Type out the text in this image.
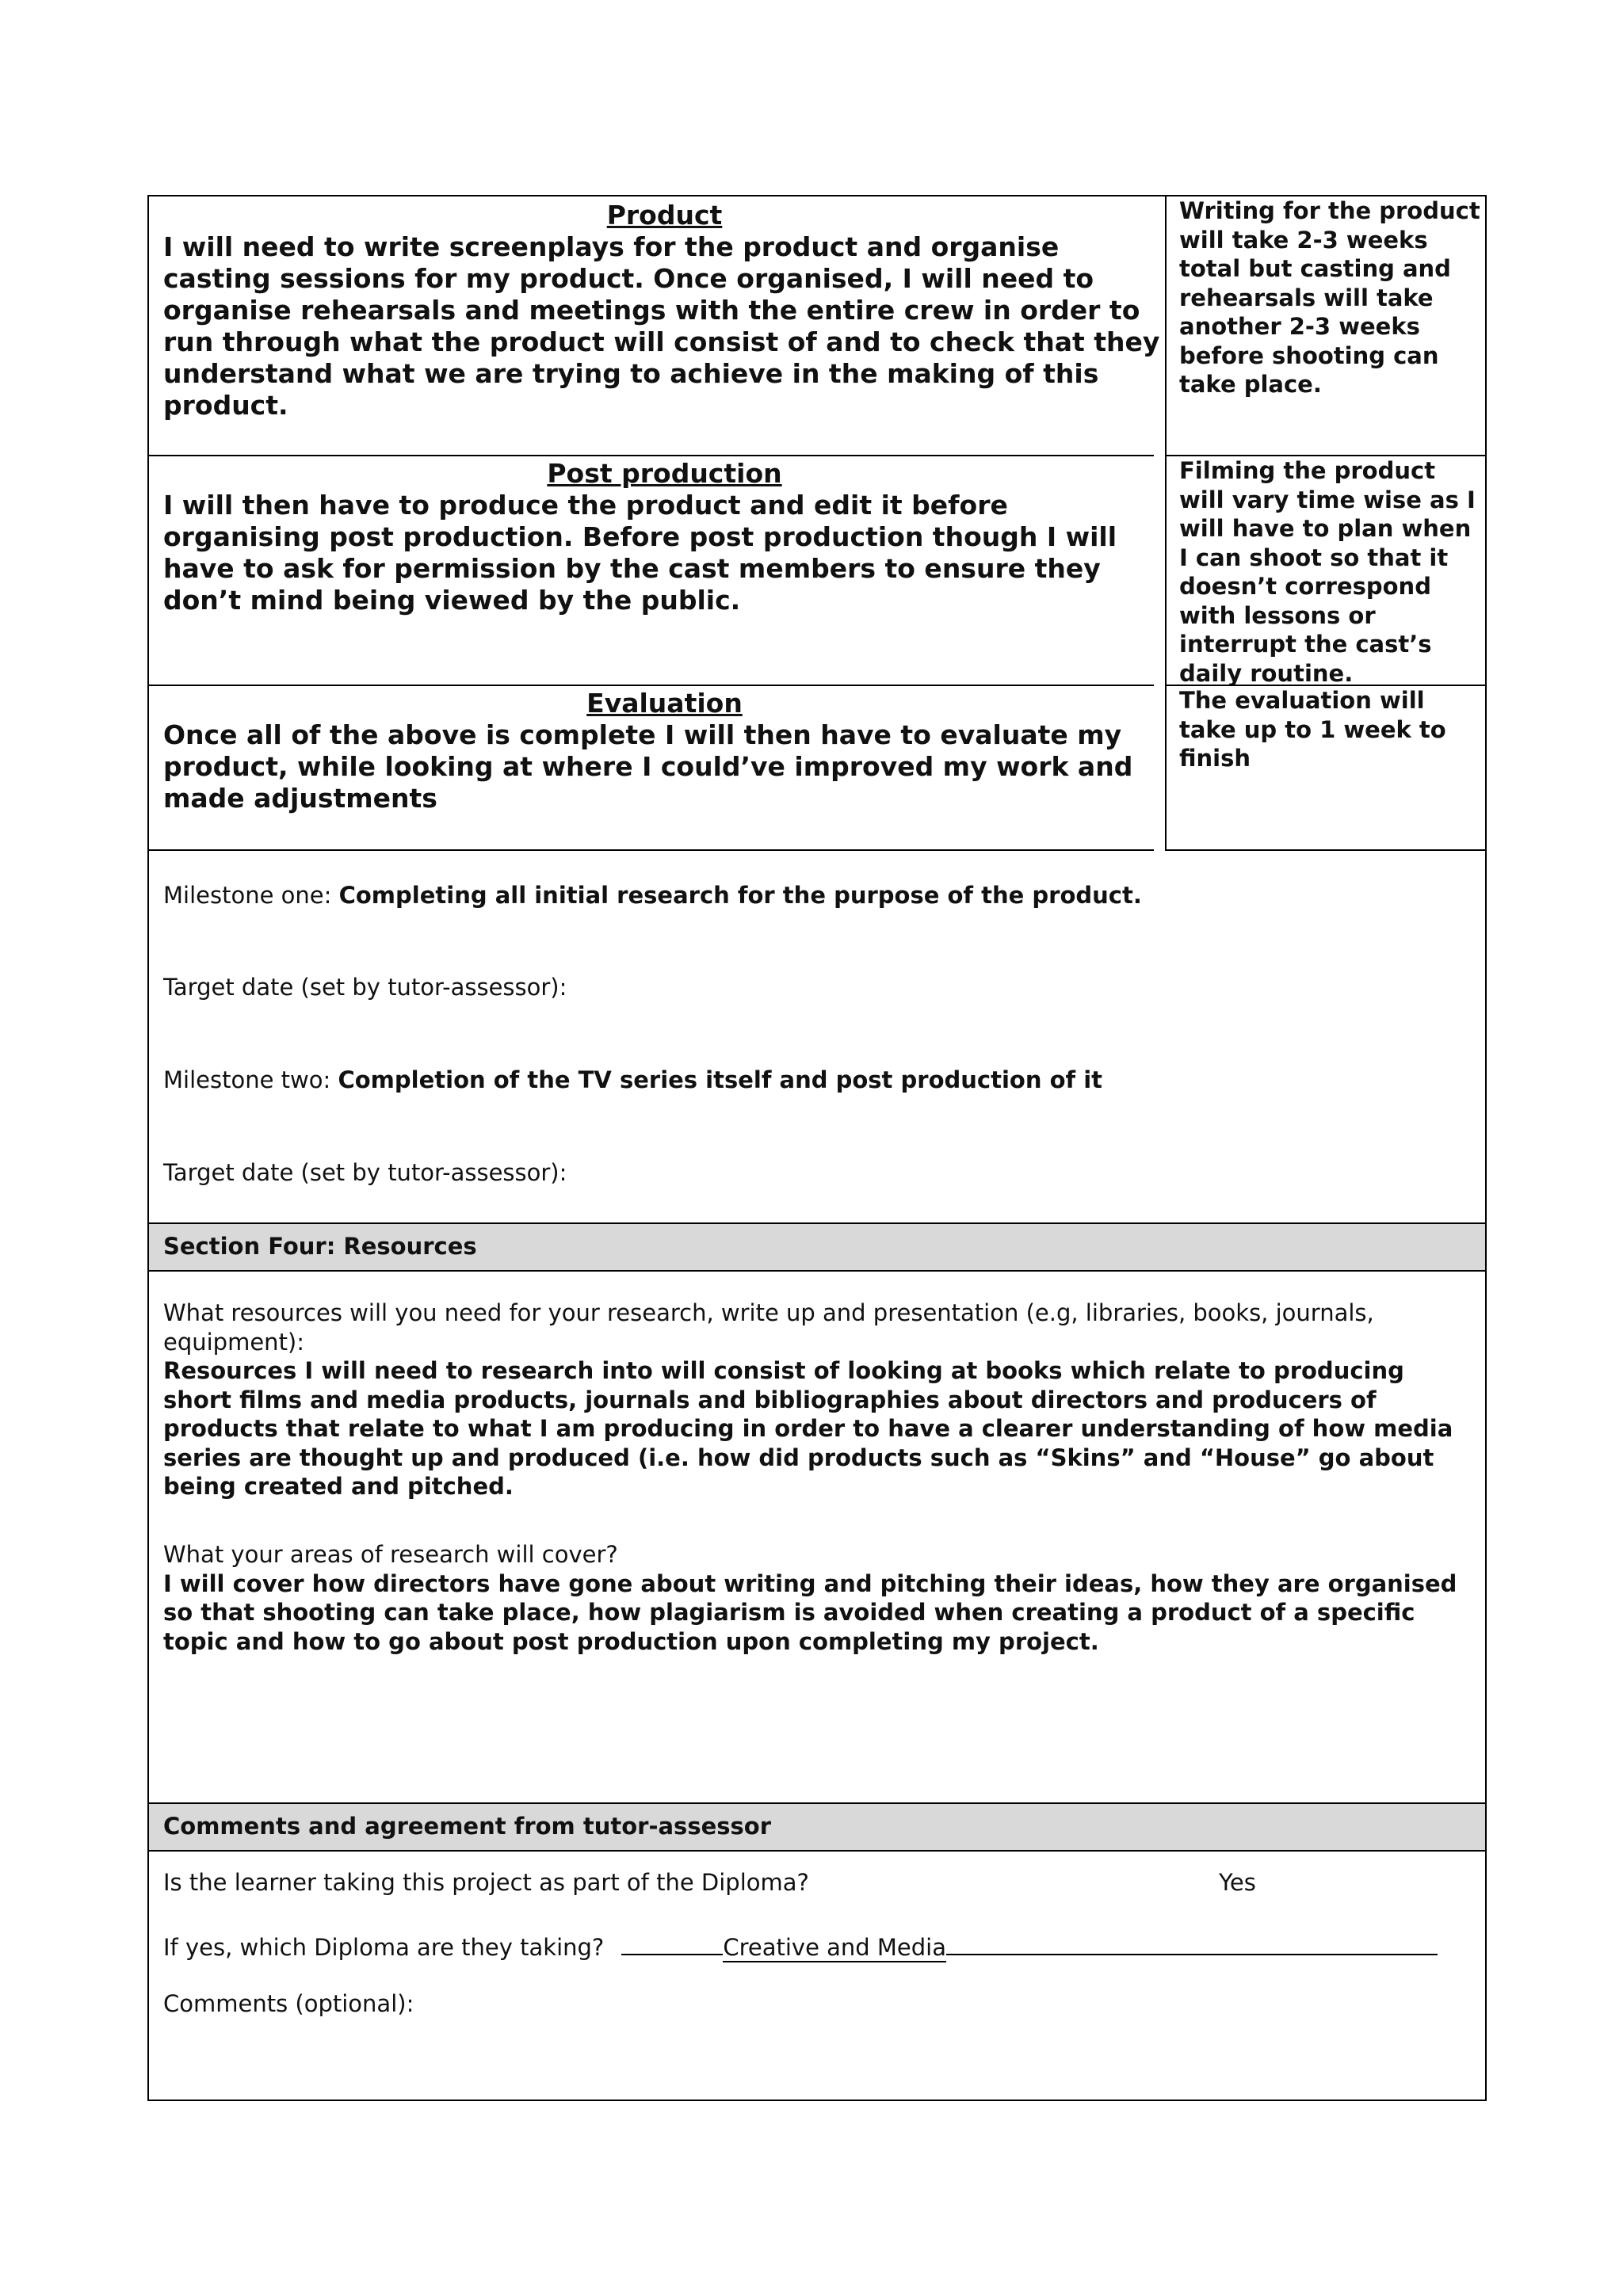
Product
I will need to write screenplays for the product and organise casting sessions for my product. Once organised, I will need to organise rehearsals and meetings with the entire crew in order to run through what the product will consist of and to check that they understand what we are trying to achieve in the making of this product.
Writing for the product will take 2-3 weeks total but casting and rehearsals will take another 2-3 weeks before shooting can take place.
Post production
I will then have to produce the product and edit it before organising post production. Before post production though I will have to ask for permission by the cast members to ensure they don’t mind being viewed by the public.
Filming the product will vary time wise as I will have to plan when I can shoot so that it doesn’t correspond with lessons or interrupt the cast’s daily routine.
Evaluation
Once all of the above is complete I will then have to evaluate my product, while looking at where I could’ve improved my work and made adjustments
The evaluation will take up to 1 week to finish
Milestone one: Completing all initial research for the purpose of the product.
Target date (set by tutor-assessor):
Milestone two: Completion of the TV series itself and post production of it
Target date (set by tutor-assessor):
Section Four: Resources
What resources will you need for your research, write up and presentation (e.g, libraries, books, journals, equipment):
Resources I will need to research into will consist of looking at books which relate to producing short films and media products, journals and bibliographies about directors and producers of products that relate to what I am producing in order to have a clearer understanding of how media series are thought up and produced (i.e. how did products such as “Skins” and “House” go about being created and pitched.
What your areas of research will cover?
I will cover how directors have gone about writing and pitching their ideas, how they are organised so that shooting can take place, how plagiarism is avoided when creating a product of a specific topic and how to go about post production upon completing my project.
Comments and agreement from tutor-assessor
Is the learner taking this project as part of the Diploma?	Yes
If yes, which Diploma are they taking?	Creative and Media
Comments (optional):
